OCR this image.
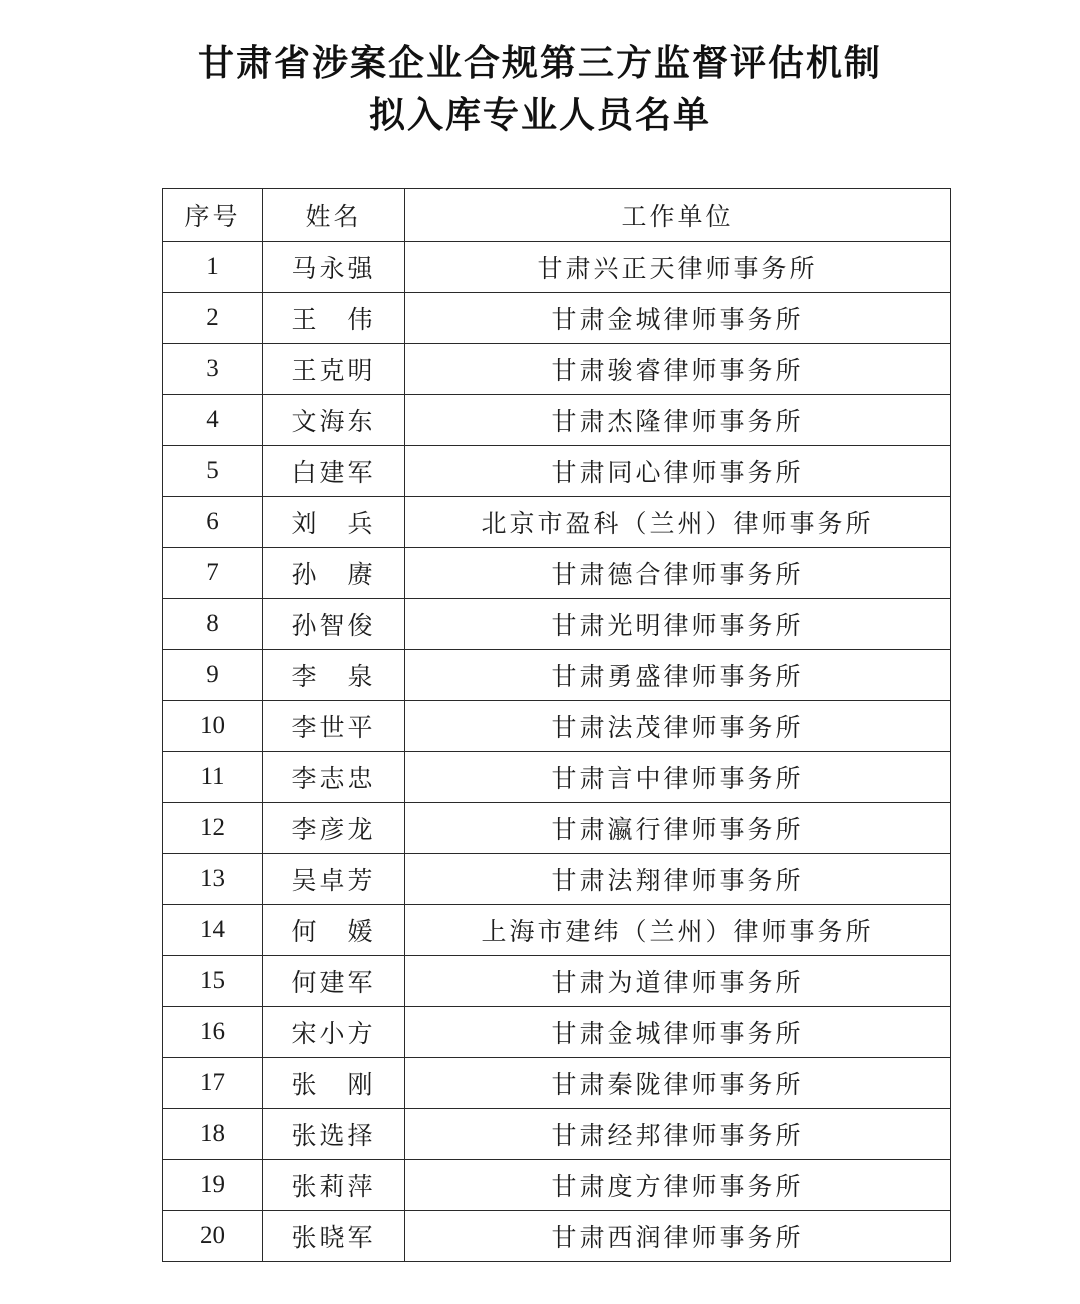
甘肃省涉案企业合规第三方监督评估机制
拟入库专业人员名单
序号	姓名	工作单位
1	马永强	甘肃兴正天律师事务所
2	王　伟	甘肃金城律师事务所
3	王克明	甘肃骏睿律师事务所
4	文海东	甘肃杰隆律师事务所
5	白建军	甘肃同心律师事务所
6	刘　兵	北京市盈科（兰州）律师事务所
7	孙　赓	甘肃德合律师事务所
8	孙智俊	甘肃光明律师事务所
9	李　泉	甘肃勇盛律师事务所
10	李世平	甘肃法茂律师事务所
11	李志忠	甘肃言中律师事务所
12	李彦龙	甘肃瀛行律师事务所
13	吴卓芳	甘肃法翔律师事务所
14	何　媛	上海市建纬（兰州）律师事务所
15	何建军	甘肃为道律师事务所
16	宋小方	甘肃金城律师事务所
17	张　刚	甘肃秦陇律师事务所
18	张选择	甘肃经邦律师事务所
19	张莉萍	甘肃度方律师事务所
20	张晓军	甘肃西润律师事务所
